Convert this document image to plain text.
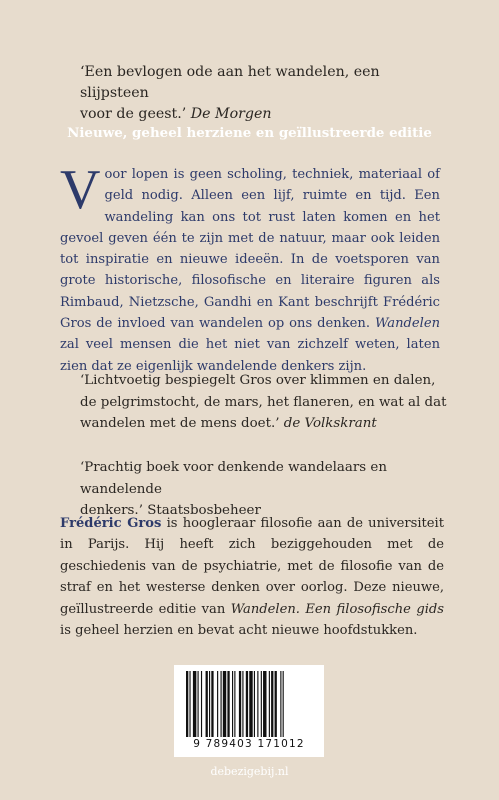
‘Een bevlogen ode aan het wandelen, een slijpsteen
voor de geest.’ De Morgen
Nieuwe, geheel herziene en geïllustreerde editie
Voor lopen is geen scholing, techniek, materiaal of geld nodig. Alleen een lijf, ruimte en tijd. Een wandeling kan ons tot rust laten komen en het gevoel geven één te zijn met de natuur, maar ook leiden tot inspiratie en nieuwe ideeën. In de voetsporen van grote historische, filosofische en literaire figuren als Rimbaud, Nietzsche, Gandhi en Kant beschrijft Frédéric Gros de invloed van wandelen op ons denken. Wandelen zal veel mensen die het niet van zichzelf weten, laten zien dat ze eigenlijk wandelende denkers zijn.
‘Lichtvoetig bespiegelt Gros over klimmen en dalen,
de pelgrimstocht, de mars, het flaneren, en wat al dat
wandelen met de mens doet.’ de Volkskrant
‘Prachtig boek voor denkende wandelaars en wandelende
denkers.’ Staatsbosbeheer
Frédéric Gros is hoogleraar filosofie aan de universiteit in Parijs. Hij heeft zich beziggehouden met de geschiedenis van de psychiatrie, met de filosofie van de straf en het westerse denken over oorlog. Deze nieuwe, geïllustreerde editie van Wandelen. Een filosofische gids is geheel herzien en bevat acht nieuwe hoofdstukken.
9 789403 171012
debezigebij.nl
